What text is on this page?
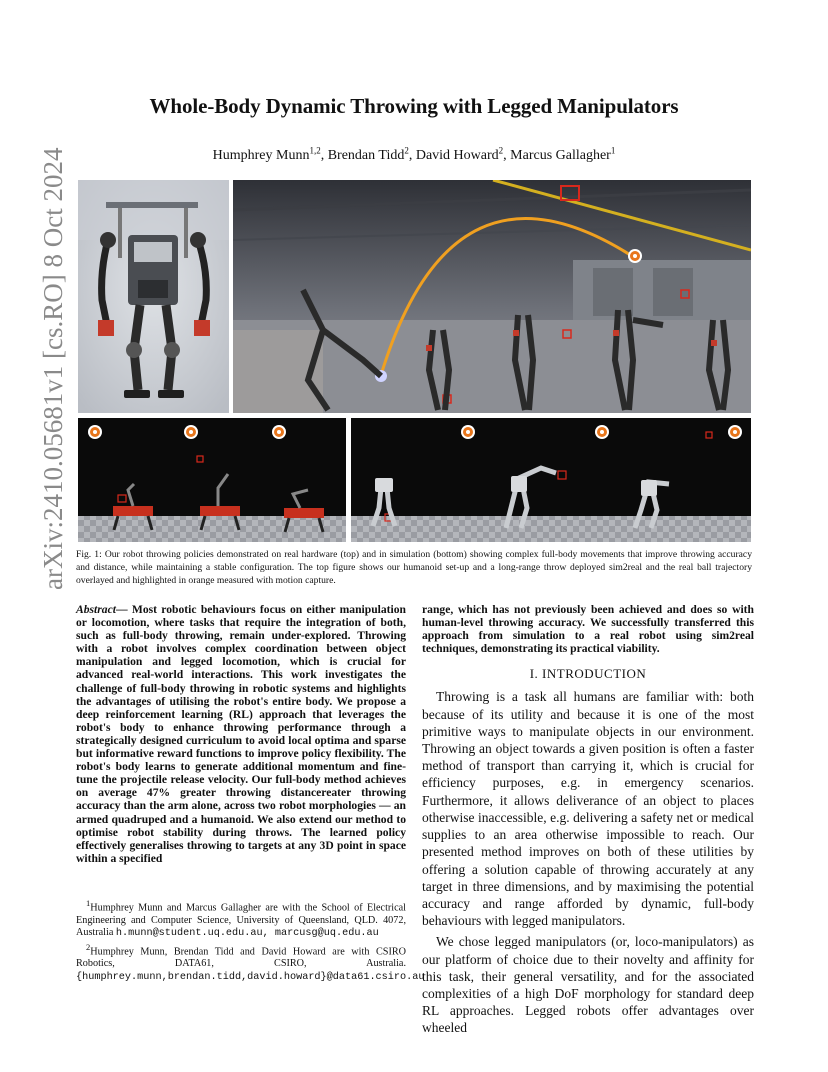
Whole-Body Dynamic Throwing with Legged Manipulators
Humphrey Munn$^{1,2}$, Brendan Tidd$^2$, David Howard$^2$, Marcus Gallagher$^1$
arXiv:2410.05681v1 [cs.RO] 8 Oct 2024 Fig. 1: Our robot throwing policies demonstrated on real hardware (top) and in simulation (bottom) showing complex full-body movements that improve throwing accuracy and distance, while maintaining a stable configuration. The top figure shows our humanoid set-up and a long-range throw deployed sim2real and the real ball trajectory overlayed and highlighted in orange measured with motion capture.
Abstract— Most robotic behaviours focus on either manipulation or locomotion, where tasks that require the integration of both, such as full-body throwing, remain under-explored. Throwing with a robot involves complex coordination between object manipulation and legged locomotion, which is crucial for advanced real-world interactions. This work investigates the challenge of full-body throwing in robotic systems and highlights the advantages of utilising the robot's entire body. We propose a deep reinforcement learning (RL) approach that leverages the robot's body to enhance throwing performance through a strategically designed curriculum to avoid local optima and sparse but informative reward functions to improve policy flexibility. The robot's body learns to generate additional momentum and fine-tune the projectile release velocity. Our full-body method achieves on average 47% greater throwing distancereater throwing accuracy than the arm alone, across two robot morphologies — an armed quadruped and a humanoid. We also extend our method to optimise robot stability during throws. The learned policy effectively generalises throwing to targets at any 3D point in space within a specified

$^1$Humphrey Munn and Marcus Gallagher are with the School of Electrical Engineering and Computer Science, University of Queensland, QLD. 4072, Australia h.munn@student.uq.edu.au, marcusg@uq.edu.au

$^2$Humphrey Munn, Brendan Tidd and David Howard are with CSIRO Robotics, DATA61, CSIRO, Australia. {humphrey.munn,brendan.tidd,david.howard}@data61.csiro.au

range, which has not previously been achieved and does so with human-level throwing accuracy. We successfully transferred this approach from simulation to a real robot using sim2real techniques, demonstrating its practical viability.
I. INTRODUCTION

Throwing is a task all humans are familiar with: both because of its utility and because it is one of the most primitive ways to manipulate objects in our environment. Throwing an object towards a given position is often a faster method of transport than carrying it, which is crucial for efficiency purposes, e.g. in emergency scenarios. Furthermore, it allows deliverance of an object to places otherwise inaccessible, e.g. delivering a safety net or medical supplies to an area otherwise impossible to reach. Our presented method improves on both of these utilities by offering a solution capable of throwing accurately at any target in three dimensions, and by maximising the potential accuracy and range afforded by dynamic, full-body behaviours with legged manipulators.

We chose legged manipulators (or, loco-manipulators) as our platform of choice due to their novelty and affinity for this task, their general versatility, and for the associated complexities of a high DoF morphology for standard deep RL approaches. Legged robots offer advantages over wheeled
